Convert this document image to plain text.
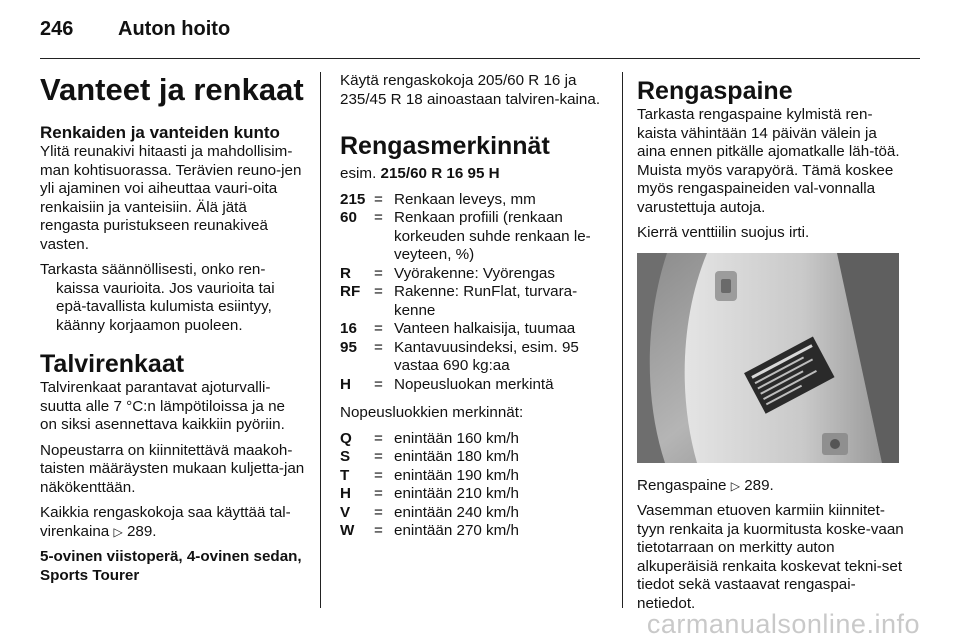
246 Auton hoito
Vanteet ja renkaat
Renkaiden ja vanteiden kunto

Ylitä reunakivi hitaasti ja mahdollisim-man kohtisuorassa. Terävien reuno-jen yli ajaminen voi aiheuttaa vauri-oita renkaisiin ja vanteisiin. Älä jätä rengasta puristukseen reunakiveä vasten.

Tarkasta säännöllisesti, onko ren-kaissa vaurioita. Jos vaurioita tai epä-tavallista kulumista esiintyy, käänny korjaamon puoleen.

Talvirenkaat

Talvirenkaat parantavat ajoturvalli-suutta alle 7 °C:n lämpötiloissa ja ne on siksi asennettava kaikkiin pyöriin.

Nopeustarra on kiinnitettävä maakoh-taisten määräysten mukaan kuljetta-jan näkökenttään.

Kaikkia rengaskokoja saa käyttää tal-virenkaina ▷ 289.

5-ovinen viistoperä, 4-ovinen sedan, Sports Tourer

Käytä rengaskokoja 205/60 R 16 ja 235/45 R 18 ainoastaan talviren-kaina.

Rengasmerkinnät

esim. 215/60 R 16 95 H

215	=	Renkaan leveys, mm
60	=	Renkaan profiili (renkaan korkeuden suhde renkaan le-veyteen, %)
R	=	Vyörakenne: Vyörengas
RF	=	Rakenne: RunFlat, turvara-kenne
16	=	Vanteen halkaisija, tuumaa
95	=	Kantavuusindeksi, esim. 95 vastaa 690 kg:aa
H	=	Nopeusluokan merkintä

Nopeusluokkien merkinnät:

Q	=	enintään 160 km/h
S	=	enintään 180 km/h
T	=	enintään 190 km/h
H	=	enintään 210 km/h
V	=	enintään 240 km/h
W	=	enintään 270 km/h
Rengaspaine

Tarkasta rengaspaine kylmistä ren-kaista vähintään 14 päivän välein ja aina ennen pitkälle ajomatkalle läh-töä. Muista myös varapyörä. Tämä koskee myös rengaspaineiden val-vonnalla varustettuja autoja.

Kierrä venttiilin suojus irti.

Rengaspaine ▷ 289.

Vasemman etuoven karmiin kiinnitet-tyyn renkaita ja kuormitusta koske-vaan tietotarraan on merkitty auton alkuperäisiä renkaita koskevat tekni-set tiedot sekä vastaavat rengaspai-netiedot.

carmanualsonline.info
